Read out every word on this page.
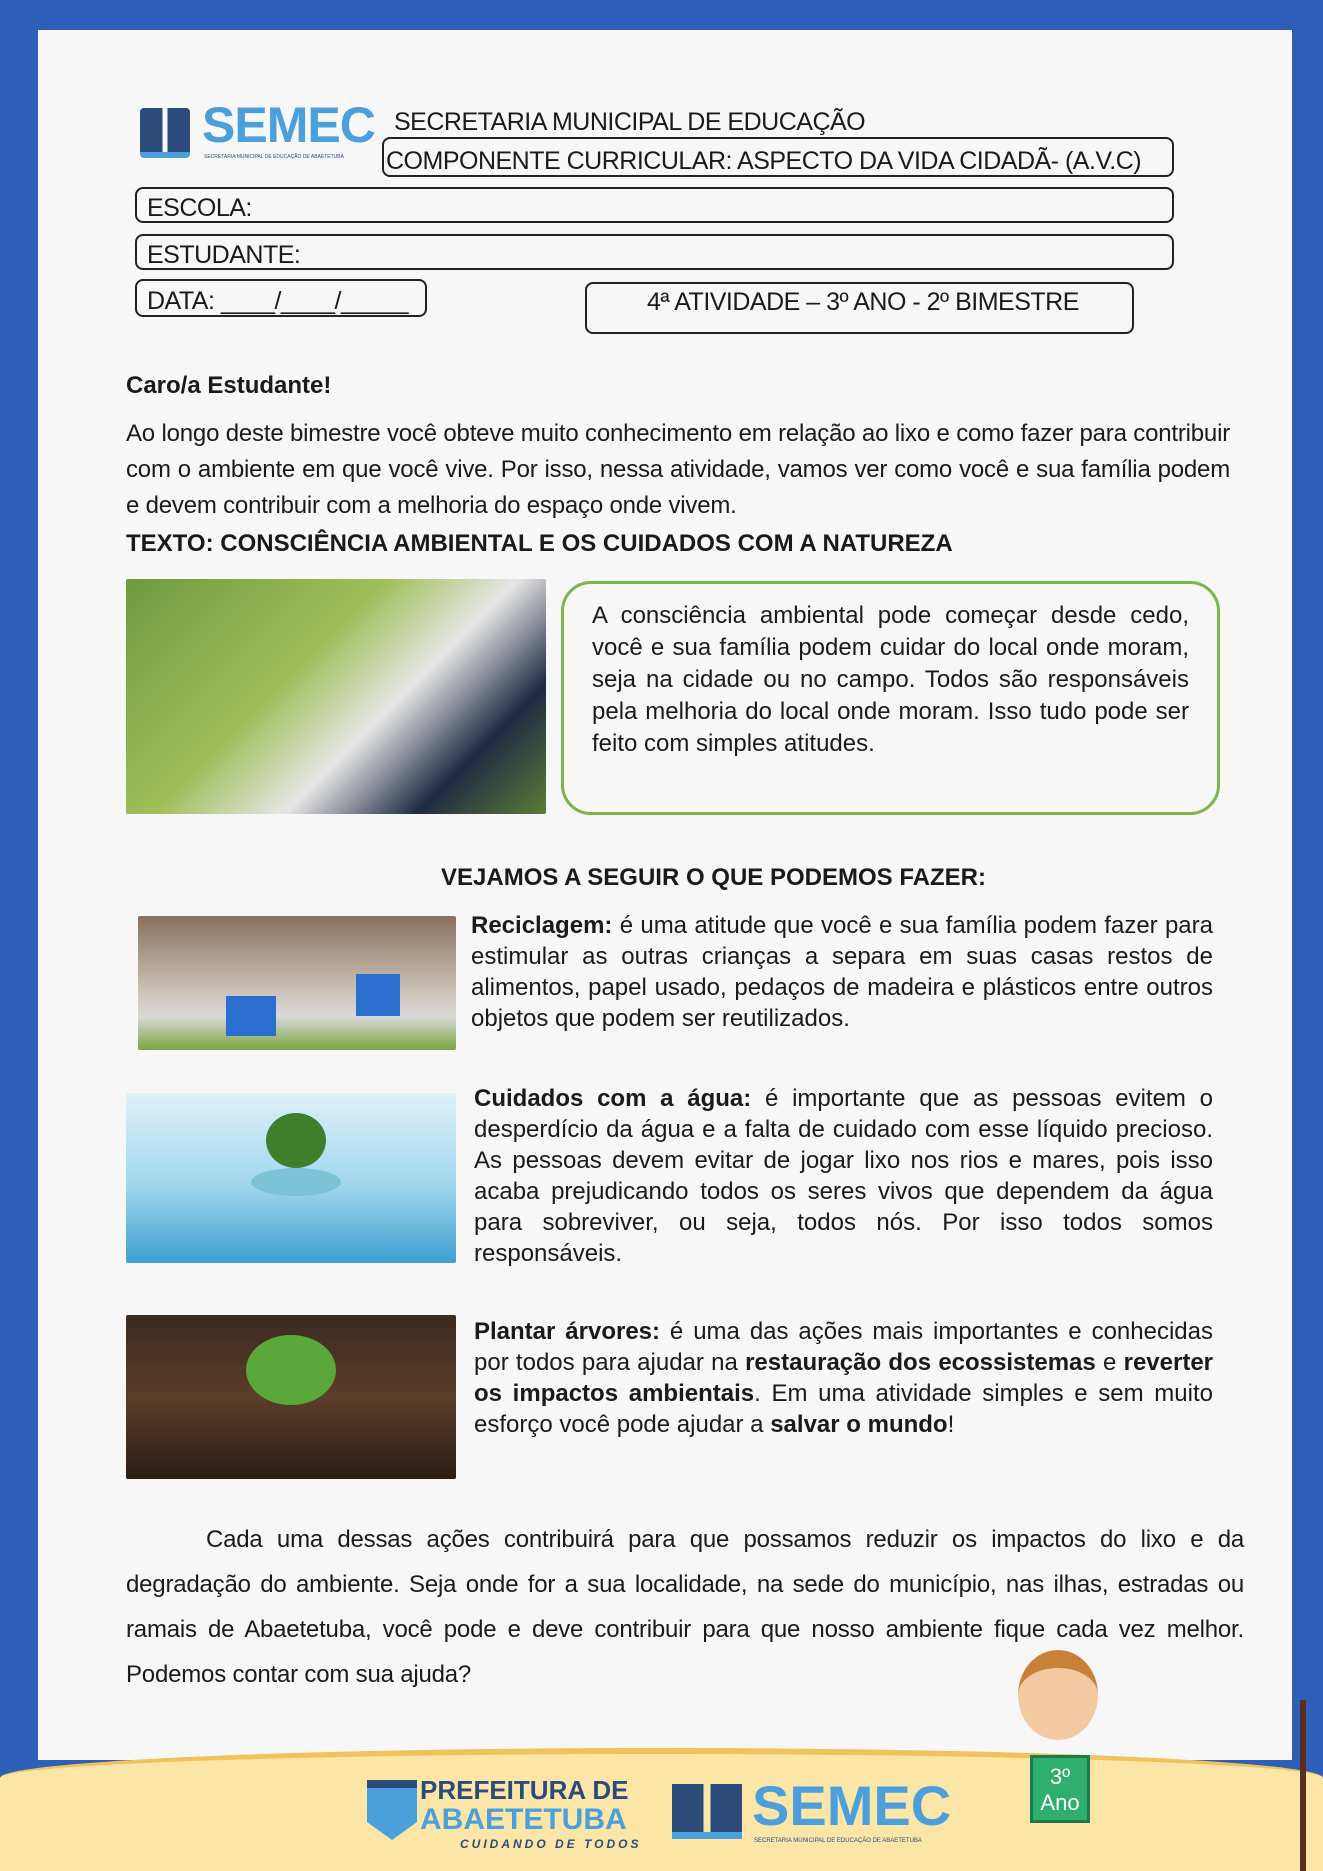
SEMEC
SECRETARIA MUNICIPAL DE EDUCAÇÃO DE ABAETETUBA
SECRETARIA MUNICIPAL DE EDUCAÇÃO
COMPONENTE CURRICULAR: ASPECTO DA VIDA CIDADÃ- (A.V.C)
ESCOLA:
ESTUDANTE:
DATA: ____/____/_____	4ª ATIVIDADE – 3º ANO - 2º BIMESTRE
Caro/a Estudante!
Ao longo deste bimestre você obteve muito conhecimento em relação ao lixo e como fazer para contribuir com o ambiente em que você vive. Por isso, nessa atividade, vamos ver como você e sua família podem e devem contribuir com a melhoria do espaço onde vivem.
TEXTO: CONSCIÊNCIA AMBIENTAL E OS CUIDADOS COM A NATUREZA
A consciência ambiental pode começar desde cedo, você e sua família podem cuidar do local onde moram, seja na cidade ou no campo. Todos são responsáveis pela melhoria do local onde moram. Isso tudo pode ser feito com simples atitudes.
VEJAMOS A SEGUIR O QUE PODEMOS FAZER:
Reciclagem: é uma atitude que você e sua família podem fazer para estimular as outras crianças a separa em suas casas restos de alimentos, papel usado, pedaços de madeira e plásticos entre outros objetos que podem ser reutilizados.
Cuidados com a água: é importante que as pessoas evitem o desperdício da água e a falta de cuidado com esse líquido precioso. As pessoas devem evitar de jogar lixo nos rios e mares, pois isso acaba prejudicando todos os seres vivos que dependem da água para sobreviver, ou seja, todos nós. Por isso todos somos responsáveis.
Plantar árvores: é uma das ações mais importantes e conhecidas por todos para ajudar na restauração dos ecossistemas e reverter os impactos ambientais. Em uma atividade simples e sem muito esforço você pode ajudar a salvar o mundo!
Cada uma dessas ações contribuirá para que possamos reduzir os impactos do lixo e da degradação do ambiente. Seja onde for a sua localidade, na sede do município, nas ilhas, estradas ou ramais de Abaetetuba, você pode e deve contribuir para que nosso ambiente fique cada vez melhor. Podemos contar com sua ajuda?
PREFEITURA DE
ABAETETUBA
CUIDANDO DE TODOS
SEMEC
SECRETARIA MUNICIPAL DE EDUCAÇÃO DE ABAETETUBA
3º Ano
